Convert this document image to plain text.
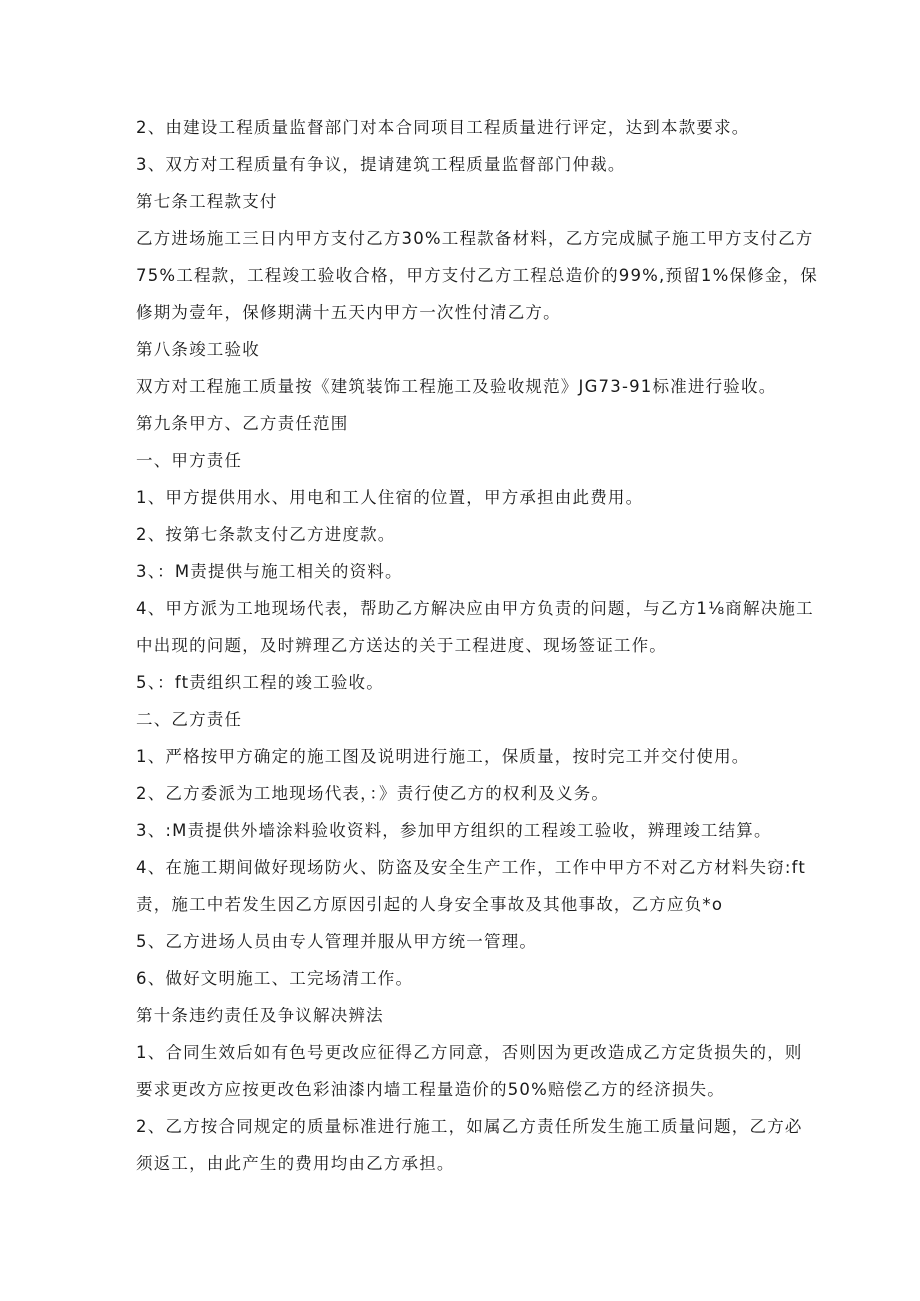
2、由建设工程质量监督部门对本合同项目工程质量进行评定，达到本款要求。
3、双方对工程质量有争议，提请建筑工程质量监督部门仲裁。
第七条工程款支付
乙方进场施工三日内甲方支付乙方30%工程款备材料，乙方完成腻子施工甲方支付乙方
75%工程款，工程竣工验收合格，甲方支付乙方工程总造价的99%,预留1%保修金，保
修期为壹年，保修期满十五天内甲方一次性付清乙方。
第八条竣工验收
双方对工程施工质量按《建筑装饰工程施工及验收规范》JG73-91标准进行验收。
第九条甲方、乙方责任范围
一、甲方责任
1、甲方提供用水、用电和工人住宿的位置，甲方承担由此费用。
2、按第七条款支付乙方进度款。
3、：M责提供与施工相关的资料。
4、甲方派为工地现场代表，帮助乙方解决应由甲方负责的问题，与乙方1⅛商解决施工
中出现的问题，及时辨理乙方送达的关于工程进度、现场签证工作。
5、：ft责组织工程的竣工验收。
二、乙方责任
1、严格按甲方确定的施工图及说明进行施工，保质量，按时完工并交付使用。
2、乙方委派为工地现场代表，：》责行使乙方的权利及义务。
3、:M责提供外墙涂料验收资料，参加甲方组织的工程竣工验收，辨理竣工结算。
4、在施工期间做好现场防火、防盗及安全生产工作，工作中甲方不对乙方材料失窃:ft
责，施工中若发生因乙方原因引起的人身安全事故及其他事故，乙方应负*o
5、乙方进场人员由专人管理并服从甲方统一管理。
6、做好文明施工、工完场清工作。
第十条违约责任及争议解决辨法
1、合同生效后如有色号更改应征得乙方同意，否则因为更改造成乙方定货损失的，则
要求更改方应按更改色彩油漆内墙工程量造价的50%赔偿乙方的经济损失。
2、乙方按合同规定的质量标准进行施工，如属乙方责任所发生施工质量问题，乙方必
须返工，由此产生的费用均由乙方承担。
